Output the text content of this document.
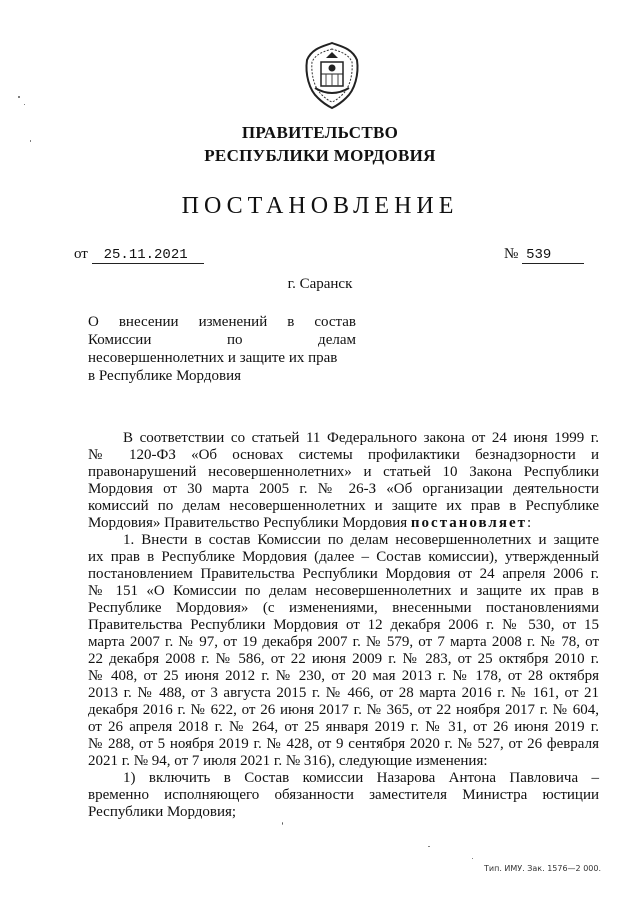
ПРАВИТЕЛЬСТВО
РЕСПУБЛИКИ МОРДОВИЯ
ПОСТАНОВЛЕНИЕ
от 25.11.2021	№ 539
г. Саранск
О внесении изменений в состав
Комиссии по делам
несовершеннолетних и защите их прав
в Республике Мордовия
В соответствии со статьей 11 Федерального закона от 24 июня 1999 г.
№ 120-ФЗ «Об основах системы профилактики безнадзорности и
правонарушений несовершеннолетних» и статьей 10 Закона Республики
Мордовия от 30 марта 2005 г. № 26-З «Об организации деятельности
комиссий по делам несовершеннолетних и защите их прав в Республике
Мордовия» Правительство Республики Мордовия постановляет:
1. Внести в состав Комиссии по делам несовершеннолетних и защите
их прав в Республике Мордовия (далее – Состав комиссии), утвержденный
постановлением Правительства Республики Мордовия от 24 апреля 2006 г.
№ 151 «О Комиссии по делам несовершеннолетних и защите их прав в
Республике Мордовия» (с изменениями, внесенными постановлениями
Правительства Республики Мордовия от 12 декабря 2006 г. № 530, от 15
марта 2007 г. № 97, от 19 декабря 2007 г. № 579, от 7 марта 2008 г. № 78, от
22 декабря 2008 г. № 586, от 22 июня 2009 г. № 283, от 25 октября 2010 г.
№ 408, от 25 июня 2012 г. № 230, от 20 мая 2013 г. № 178, от 28 октября
2013 г. № 488, от 3 августа 2015 г. № 466, от 28 марта 2016 г. № 161, от 21
декабря 2016 г. № 622, от 26 июня 2017 г. № 365, от 22 ноября 2017 г. № 604,
от 26 апреля 2018 г. № 264, от 25 января 2019 г. № 31, от 26 июня 2019 г.
№ 288, от 5 ноября 2019 г. № 428, от 9 сентября 2020 г. № 527, от 26 февраля
2021 г. № 94, от 7 июля 2021 г. № 316), следующие изменения:
1) включить в Состав комиссии Назарова Антона Павловича –
временно исполняющего обязанности заместителя Министра юстиции
Республики Мордовия;
Тип. ИМУ. Зак. 1576—2 000.
